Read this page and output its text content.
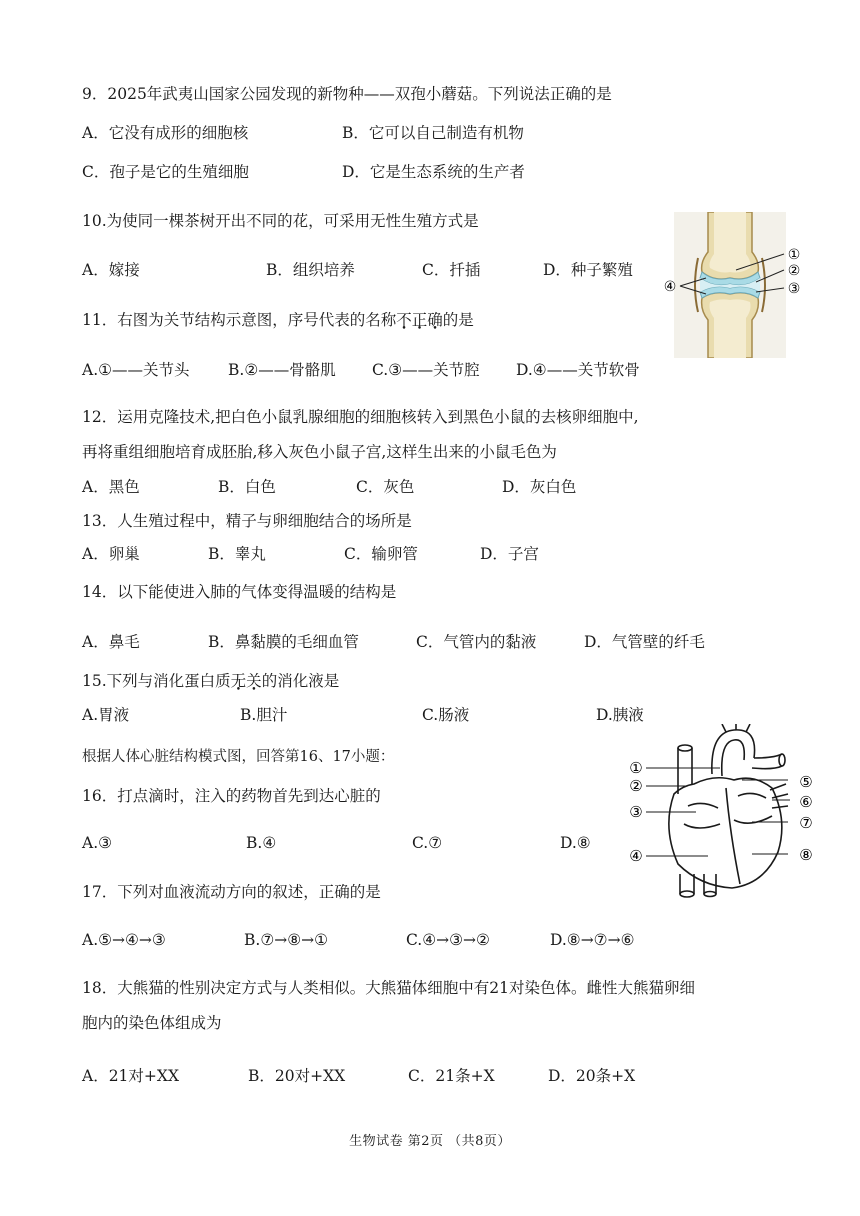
9．2025年武夷山国家公园发现的新物种——双孢小蘑菇。下列说法正确的是
A．它没有成形的细胞核	B．它可以自己制造有机物
C．孢子是它的生殖细胞	D．它是生态系统的生产者
10.为使同一棵茶树开出不同的花，可采用无性生殖方式是
A．嫁接	B．组织培养	C．扦插	D．种子繁殖
11．右图为关节结构示意图，序号代表的名称不正确的是
A.①——关节头 B.②——骨骼肌 C.③——关节腔 D.④——关节软骨
①
②
③
④
12．运用克隆技术,把白色小鼠乳腺细胞的细胞核转入到黑色小鼠的去核卵细胞中,
再将重组细胞培育成胚胎,移入灰色小鼠子宫,这样生出来的小鼠毛色为
A．黑色	B．白色	C．灰色	D．灰白色
13．人生殖过程中，精子与卵细胞结合的场所是
A．卵巢	B．睾丸	C．输卵管	D．子宫
14．以下能使进入肺的气体变得温暖的结构是
A．鼻毛	B．鼻黏膜的毛细血管	C．气管内的黏液	D．气管壁的纤毛
15.下列与消化蛋白质无关的消化液是
A.胃液	B.胆汁	C.肠液	D.胰液
根据人体心脏结构模式图，回答第16、17小题：
16．打点滴时，注入的药物首先到达心脏的
A.③	B.④	C.⑦	D.⑧
①
②
③
④
⑤
⑥
⑦
⑧
17．下列对血液流动方向的叙述，正确的是
A.⑤→④→③	B.⑦→⑧→①	C.④→③→②	D.⑧→⑦→⑥
18．大熊猫的性别决定方式与人类相似。大熊猫体细胞中有21对染色体。雌性大熊猫卵细
胞内的染色体组成为
A．21对+XX	B．20对+XX	C．21条+X	D．20条+X
生物试卷 第2页 （共8页）
